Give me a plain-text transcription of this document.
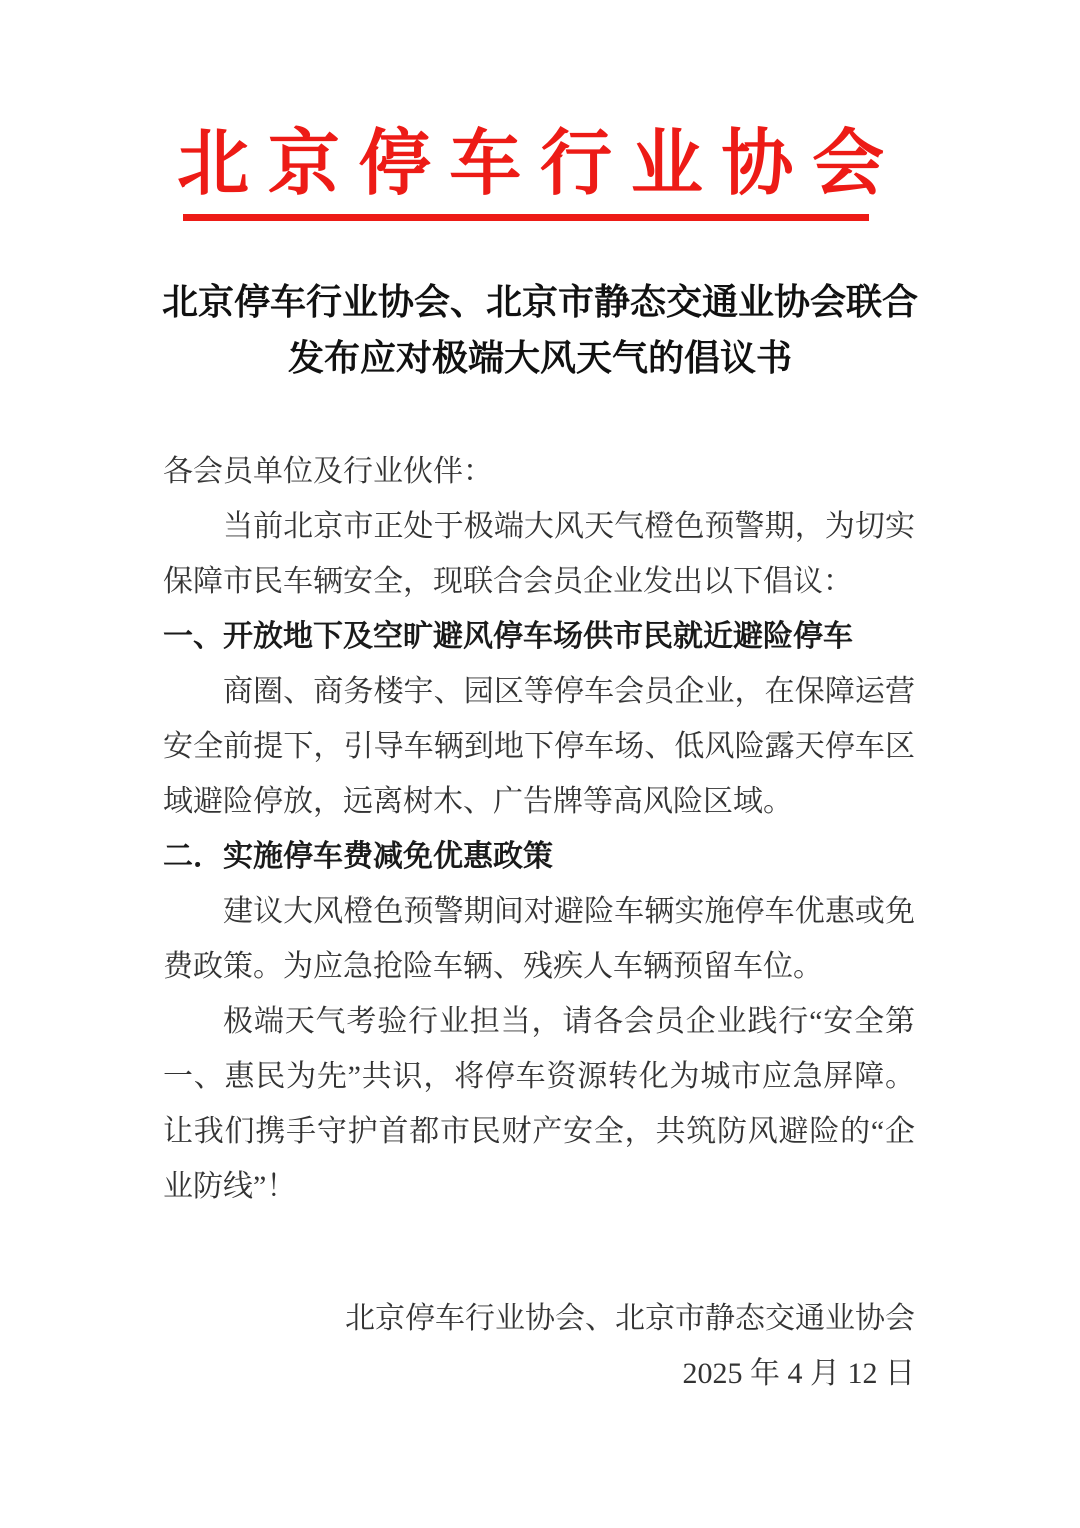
北京停车行业协会
北京停车行业协会、北京市静态交通业协会联合
发布应对极端大风天气的倡议书

各会员单位及行业伙伴：

当前北京市正处于极端大风天气橙色预警期，为切实保障市民车辆安全，现联合会员企业发出以下倡议：

一、开放地下及空旷避风停车场供市民就近避险停车

商圈、商务楼宇、园区等停车会员企业，在保障运营安全前提下，引导车辆到地下停车场、低风险露天停车区域避险停放，远离树木、广告牌等高风险区域。

二．实施停车费减免优惠政策

建议大风橙色预警期间对避险车辆实施停车优惠或免费政策。为应急抢险车辆、残疾人车辆预留车位。

极端天气考验行业担当，请各会员企业践行“安全第一、惠民为先”共识，将停车资源转化为城市应急屏障。让我们携手守护首都市民财产安全，共筑防风避险的“企业防线”！

北京停车行业协会、北京市静态交通业协会

2025 年 4 月 12 日
